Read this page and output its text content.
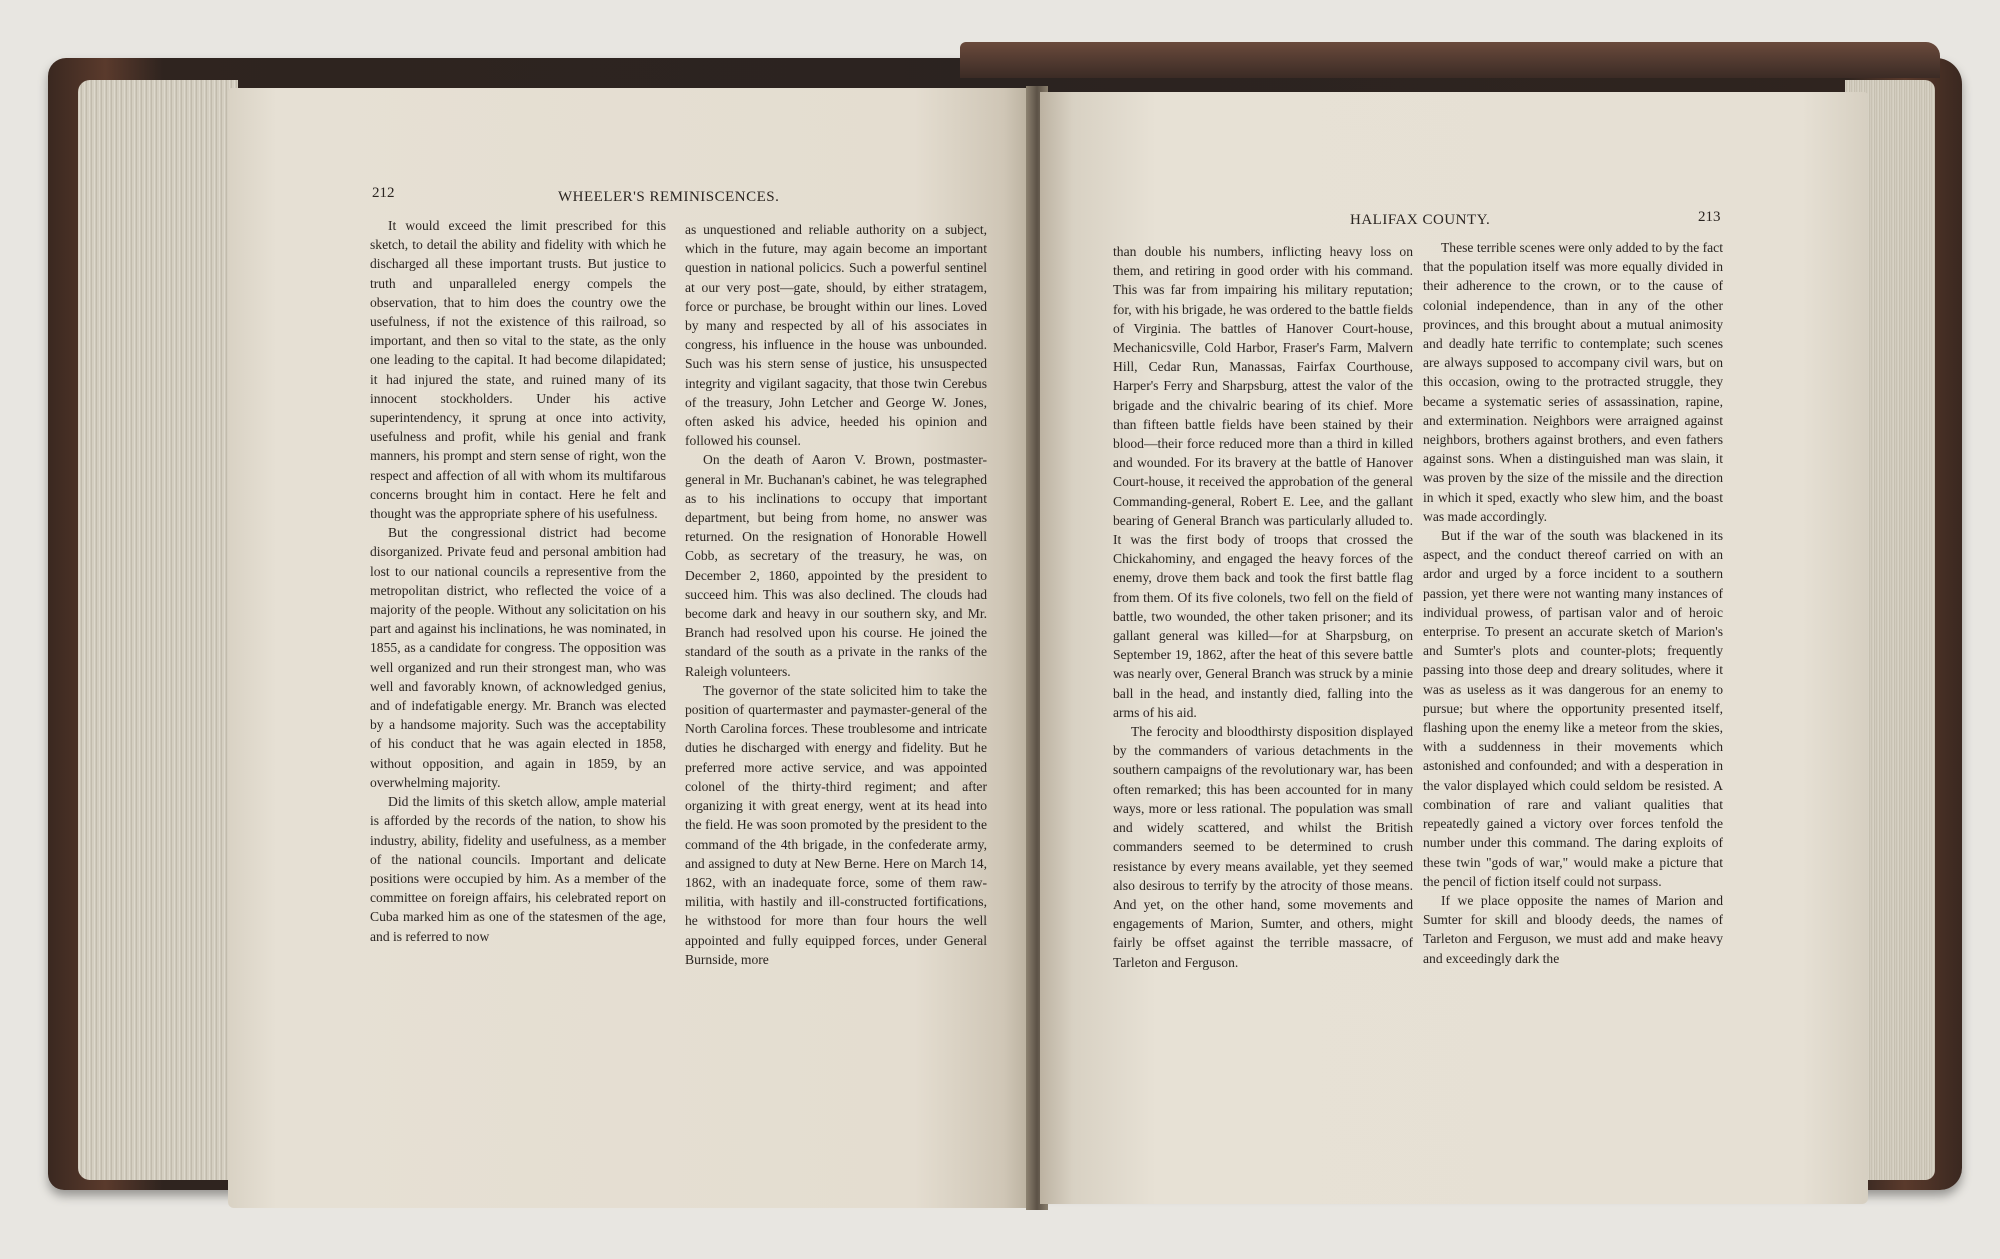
212	WHEELER'S REMINISCENCES.

It would exceed the limit prescribed for this sketch, to detail the ability and fidelity with which he discharged all these important trusts. But justice to truth and unparalleled energy compels the observation, that to him does the country owe the usefulness, if not the existence of this railroad, so important, and then so vital to the state, as the only one leading to the capital. It had become dilapidated; it had injured the state, and ruined many of its innocent stockholders. Under his active superintendency, it sprung at once into activity, usefulness and profit, while his genial and frank manners, his prompt and stern sense of right, won the respect and affection of all with whom its multifarous concerns brought him in contact. Here he felt and thought was the appropriate sphere of his usefulness.

But the congressional district had become disorganized. Private feud and personal ambition had lost to our national councils a representive from the metropolitan district, who reflected the voice of a majority of the people. Without any solicitation on his part and against his inclinations, he was nominated, in 1855, as a candidate for congress. The opposition was well organized and run their strongest man, who was well and favorably known, of acknowledged genius, and of indefatigable energy. Mr. Branch was elected by a handsome majority. Such was the acceptability of his conduct that he was again elected in 1858, without opposition, and again in 1859, by an overwhelming majority.

Did the limits of this sketch allow, ample material is afforded by the records of the nation, to show his industry, ability, fidelity and usefulness, as a member of the national councils. Important and delicate positions were occupied by him. As a member of the committee on foreign affairs, his celebrated report on Cuba marked him as one of the statesmen of the age, and is referred to now

as unquestioned and reliable authority on a subject, which in the future, may again become an important question in national policics. Such a powerful sentinel at our very post—gate, should, by either stratagem, force or purchase, be brought within our lines. Loved by many and respected by all of his associates in congress, his influence in the house was unbounded. Such was his stern sense of justice, his unsuspected integrity and vigilant sagacity, that those twin Cerebus of the treasury, John Letcher and George W. Jones, often asked his advice, heeded his opinion and followed his counsel.

On the death of Aaron V. Brown, postmaster-general in Mr. Buchanan's cabinet, he was telegraphed as to his inclinations to occupy that important department, but being from home, no answer was returned. On the resignation of Honorable Howell Cobb, as secretary of the treasury, he was, on December 2, 1860, appointed by the president to succeed him. This was also declined. The clouds had become dark and heavy in our southern sky, and Mr. Branch had resolved upon his course. He joined the standard of the south as a private in the ranks of the Raleigh volunteers.

The governor of the state solicited him to take the position of quartermaster and paymaster-general of the North Carolina forces. These troublesome and intricate duties he discharged with energy and fidelity. But he preferred more active service, and was appointed colonel of the thirty-third regiment; and after organizing it with great energy, went at its head into the field. He was soon promoted by the president to the command of the 4th brigade, in the confederate army, and assigned to duty at New Berne. Here on March 14, 1862, with an inadequate force, some of them raw-militia, with hastily and ill-constructed fortifications, he withstood for more than four hours the well appointed and fully equipped forces, under General Burnside, more

HALIFAX COUNTY.	213

than double his numbers, inflicting heavy loss on them, and retiring in good order with his command. This was far from impairing his military reputation; for, with his brigade, he was ordered to the battle fields of Virginia. The battles of Hanover Court-house, Mechanicsville, Cold Harbor, Fraser's Farm, Malvern Hill, Cedar Run, Manassas, Fairfax Courthouse, Harper's Ferry and Sharpsburg, attest the valor of the brigade and the chivalric bearing of its chief. More than fifteen battle fields have been stained by their blood—their force reduced more than a third in killed and wounded. For its bravery at the battle of Hanover Court-house, it received the approbation of the general Commanding-general, Robert E. Lee, and the gallant bearing of General Branch was particularly alluded to. It was the first body of troops that crossed the Chickahominy, and engaged the heavy forces of the enemy, drove them back and took the first battle flag from them. Of its five colonels, two fell on the field of battle, two wounded, the other taken prisoner; and its gallant general was killed—for at Sharpsburg, on September 19, 1862, after the heat of this severe battle was nearly over, General Branch was struck by a minie ball in the head, and instantly died, falling into the arms of his aid.

The ferocity and bloodthirsty disposition displayed by the commanders of various detachments in the southern campaigns of the revolutionary war, has been often remarked; this has been accounted for in many ways, more or less rational. The population was small and widely scattered, and whilst the British commanders seemed to be determined to crush resistance by every means available, yet they seemed also desirous to terrify by the atrocity of those means. And yet, on the other hand, some movements and engagements of Marion, Sumter, and others, might fairly be offset against the terrible massacre, of Tarleton and Ferguson.

These terrible scenes were only added to by the fact that the population itself was more equally divided in their adherence to the crown, or to the cause of colonial independence, than in any of the other provinces, and this brought about a mutual animosity and deadly hate terrific to contemplate; such scenes are always supposed to accompany civil wars, but on this occasion, owing to the protracted struggle, they became a systematic series of assassination, rapine, and extermination. Neighbors were arraigned against neighbors, brothers against brothers, and even fathers against sons. When a distinguished man was slain, it was proven by the size of the missile and the direction in which it sped, exactly who slew him, and the boast was made accordingly.

But if the war of the south was blackened in its aspect, and the conduct thereof carried on with an ardor and urged by a force incident to a southern passion, yet there were not wanting many instances of individual prowess, of partisan valor and of heroic enterprise. To present an accurate sketch of Marion's and Sumter's plots and counter-plots; frequently passing into those deep and dreary solitudes, where it was as useless as it was dangerous for an enemy to pursue; but where the opportunity presented itself, flashing upon the enemy like a meteor from the skies, with a suddenness in their movements which astonished and confounded; and with a desperation in the valor displayed which could seldom be resisted. A combination of rare and valiant qualities that repeatedly gained a victory over forces tenfold the number under this command. The daring exploits of these twin "gods of war," would make a picture that the pencil of fiction itself could not surpass.

If we place opposite the names of Marion and Sumter for skill and bloody deeds, the names of Tarleton and Ferguson, we must add and make heavy and exceedingly dark the
